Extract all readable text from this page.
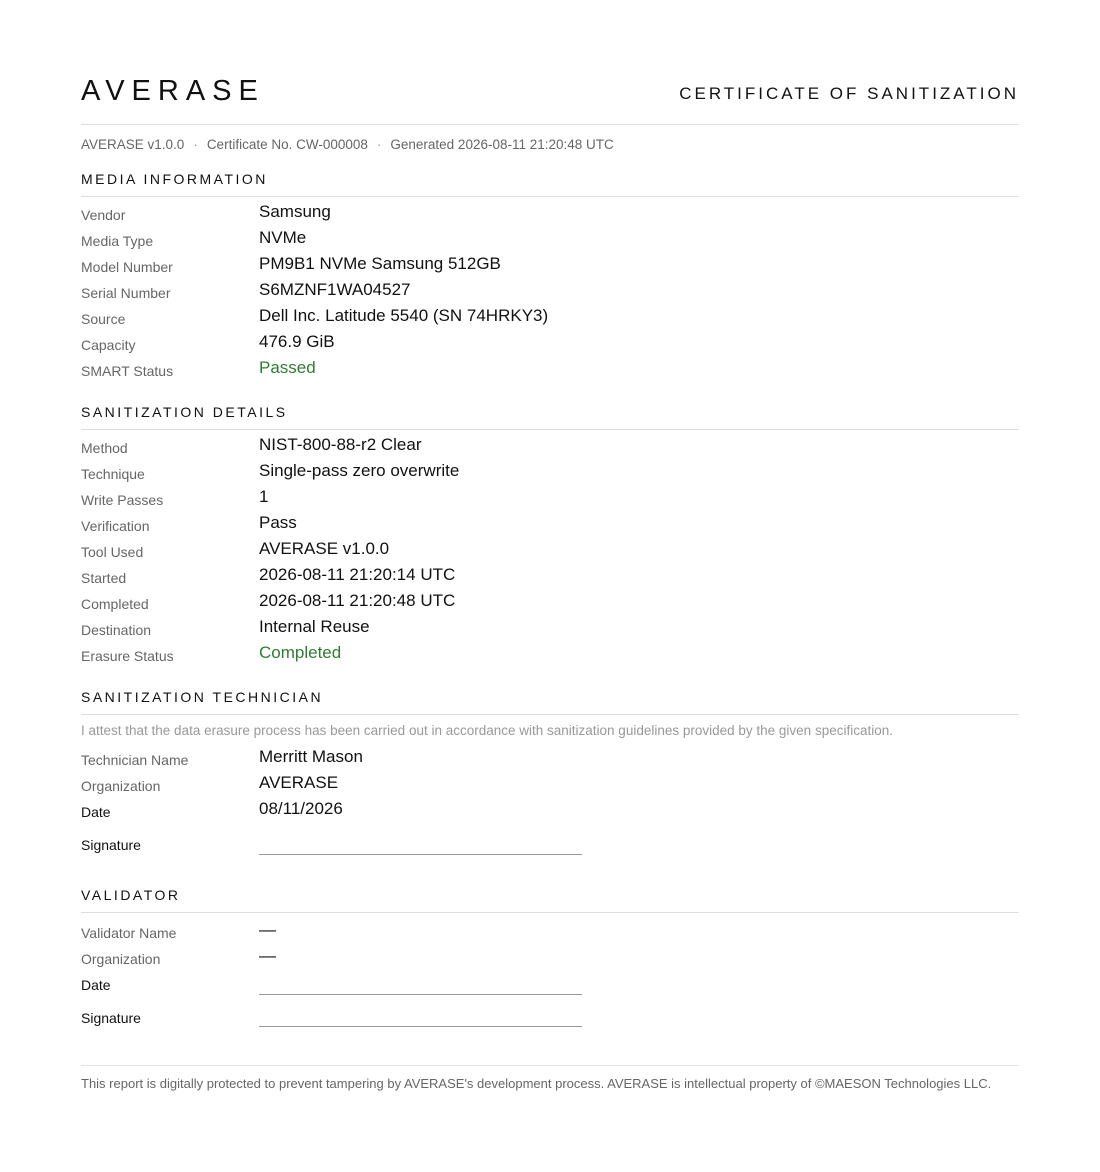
AVERASE	CERTIFICATE OF SANITIZATION
AVERASE v1.0.0 · Certificate No. CW-000008 · Generated 2026-08-11 21:20:48 UTC
MEDIA INFORMATION
Vendor	Samsung
Media Type	NVMe
Model Number	PM9B1 NVMe Samsung 512GB
Serial Number	S6MZNF1WA04527
Source	Dell Inc. Latitude 5540 (SN 74HRKY3)
Capacity	476.9 GiB
SMART Status	Passed
SANITIZATION DETAILS
Method	NIST-800-88-r2 Clear
Technique	Single-pass zero overwrite
Write Passes	1
Verification	Pass
Tool Used	AVERASE v1.0.0
Started	2026-08-11 21:20:14 UTC
Completed	2026-08-11 21:20:48 UTC
Destination	Internal Reuse
Erasure Status	Completed
SANITIZATION TECHNICIAN
I attest that the data erasure process has been carried out in accordance with sanitization guidelines provided by the given specification.
Technician Name	Merritt Mason
Organization	AVERASE
Date	08/11/2026
Signature
VALIDATOR
Validator Name	—
Organization	—
Date
Signature
This report is digitally protected to prevent tampering by AVERASE's development process. AVERASE is intellectual property of ©MAESON Technologies LLC.
